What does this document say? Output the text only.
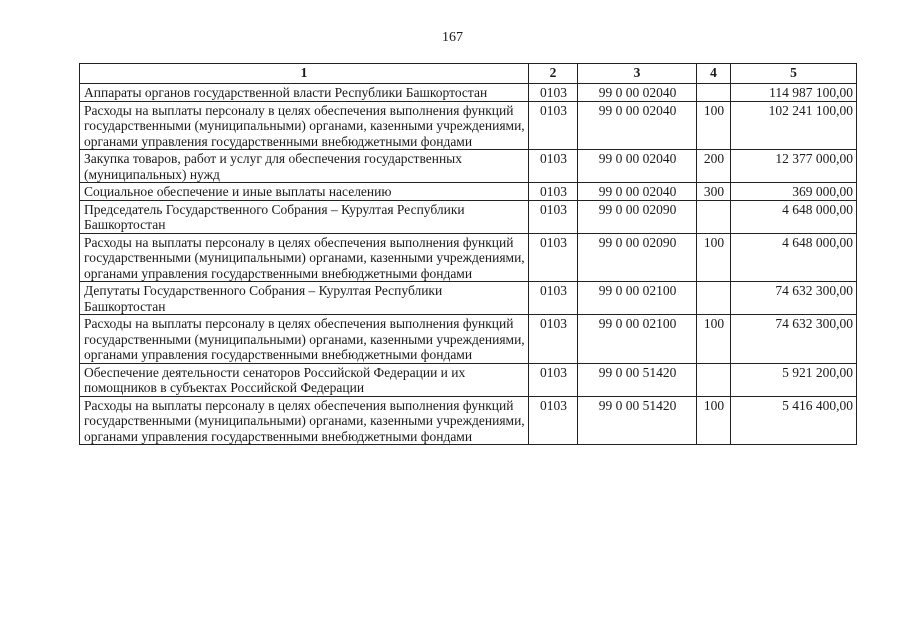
167
1	2	3	4	5
Аппараты органов государственной власти Республики Башкортостан	0103	99 0 00 02040		114 987 100,00
Расходы на выплаты персоналу в целях обеспечения выполнения функций государственными (муниципальными) органами, казенными учреждениями, органами управления государственными внебюджетными фондами	0103	99 0 00 02040	100	102 241 100,00
Закупка товаров, работ и услуг для обеспечения государственных (муниципальных) нужд	0103	99 0 00 02040	200	12 377 000,00
Социальное обеспечение и иные выплаты населению	0103	99 0 00 02040	300	369 000,00
Председатель Государственного Собрания – Курултая Республики Башкортостан	0103	99 0 00 02090		4 648 000,00
Расходы на выплаты персоналу в целях обеспечения выполнения функций государственными (муниципальными) органами, казенными учреждениями, органами управления государственными внебюджетными фондами	0103	99 0 00 02090	100	4 648 000,00
Депутаты Государственного Собрания – Курултая Республики Башкортостан	0103	99 0 00 02100		74 632 300,00
Расходы на выплаты персоналу в целях обеспечения выполнения функций государственными (муниципальными) органами, казенными учреждениями, органами управления государственными внебюджетными фондами	0103	99 0 00 02100	100	74 632 300,00
Обеспечение деятельности сенаторов Российской Федерации и их помощников в субъектах Российской Федерации	0103	99 0 00 51420		5 921 200,00
Расходы на выплаты персоналу в целях обеспечения выполнения функций государственными (муниципальными) органами, казенными учреждениями, органами управления государственными внебюджетными фондами	0103	99 0 00 51420	100	5 416 400,00
